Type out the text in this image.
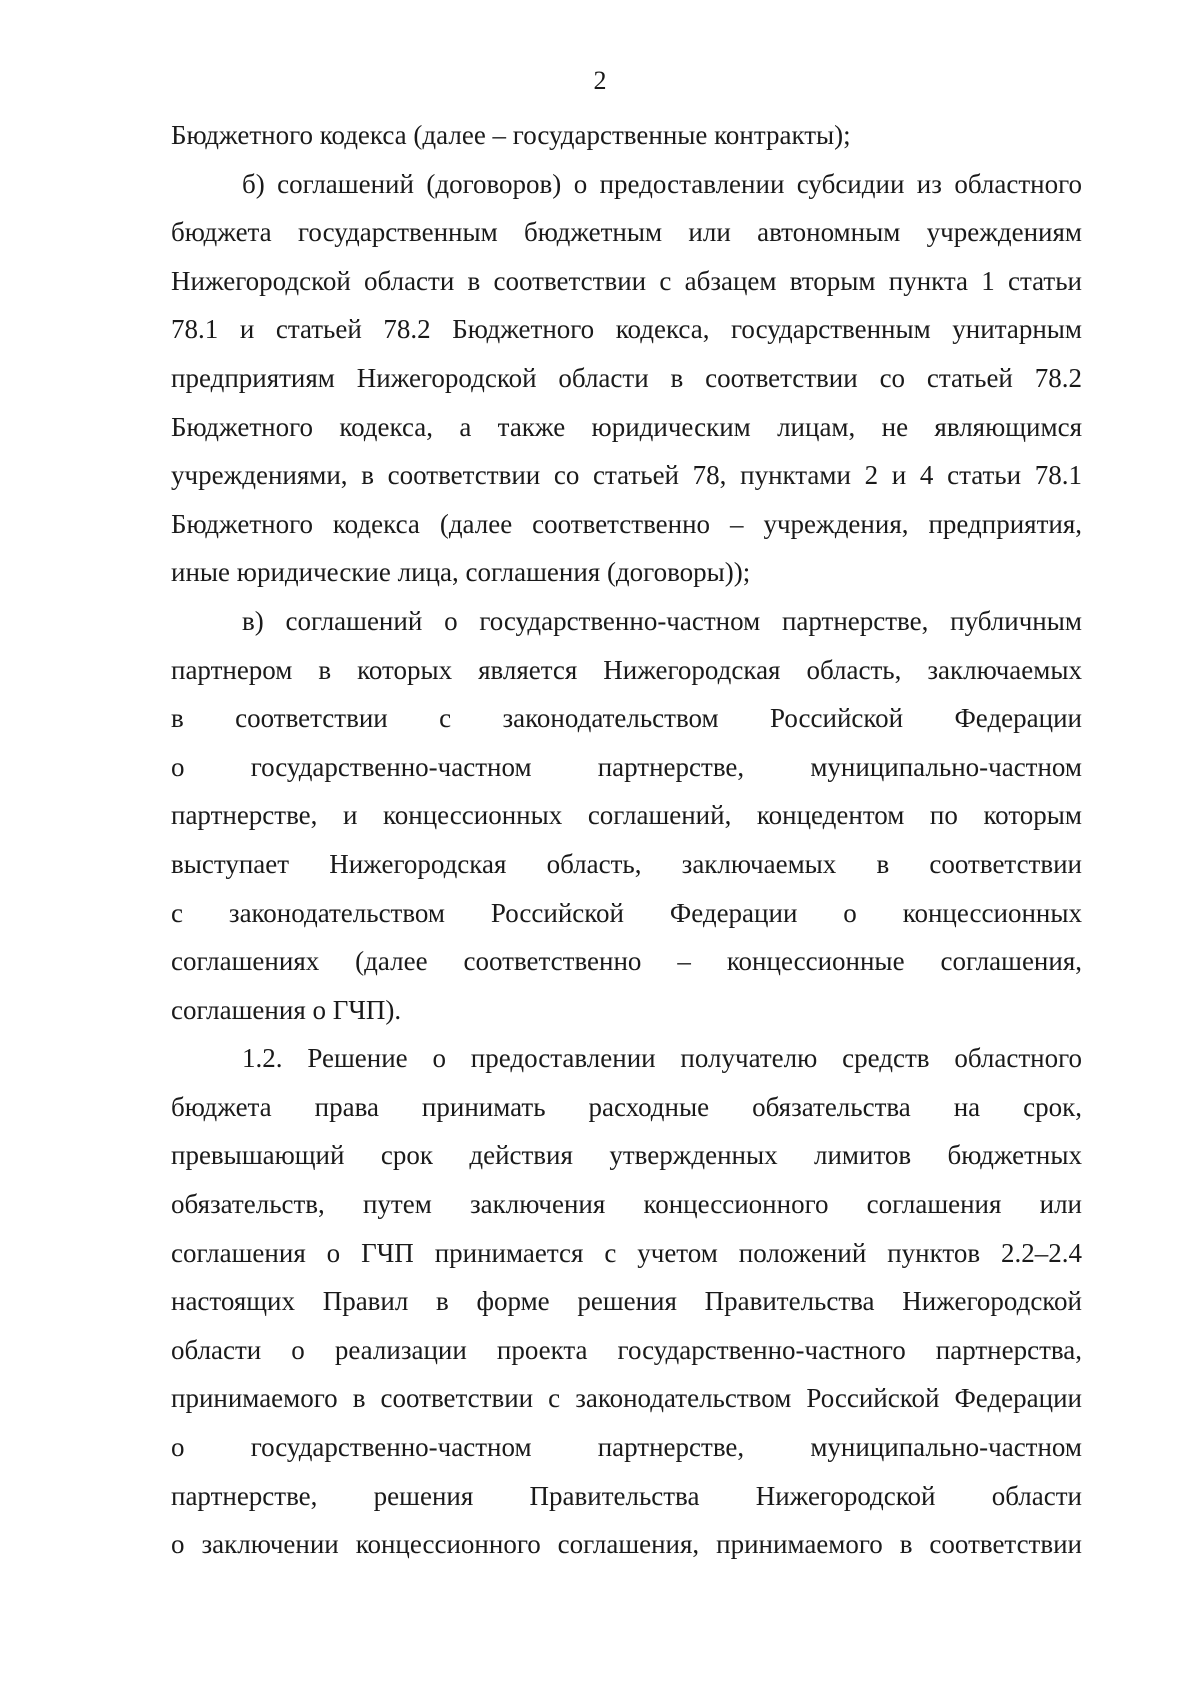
2
Бюджетного кодекса (далее – государственные контракты);
б) соглашений (договоров) о предоставлении субсидии из областного
бюджета государственным бюджетным или автономным учреждениям
Нижегородской области в соответствии с абзацем вторым пункта 1 статьи
78.1 и статьей 78.2 Бюджетного кодекса, государственным унитарным
предприятиям Нижегородской области в соответствии со статьей 78.2
Бюджетного кодекса, а также юридическим лицам, не являющимся
учреждениями, в соответствии со статьей 78, пунктами 2 и 4 статьи 78.1
Бюджетного кодекса (далее соответственно – учреждения, предприятия,
иные юридические лица, соглашения (договоры));
в) соглашений о государственно-частном партнерстве, публичным
партнером в которых является Нижегородская область, заключаемых
в соответствии с законодательством Российской Федерации
о государственно-частном партнерстве, муниципально-частном
партнерстве, и концессионных соглашений, концедентом по которым
выступает Нижегородская область, заключаемых в соответствии
с законодательством Российской Федерации о концессионных
соглашениях (далее соответственно – концессионные соглашения,
соглашения о ГЧП).
1.2. Решение о предоставлении получателю средств областного
бюджета права принимать расходные обязательства на срок,
превышающий срок действия утвержденных лимитов бюджетных
обязательств, путем заключения концессионного соглашения или
соглашения о ГЧП принимается с учетом положений пунктов 2.2–2.4
настоящих Правил в форме решения Правительства Нижегородской
области о реализации проекта государственно-частного партнерства,
принимаемого в соответствии с законодательством Российской Федерации
о государственно-частном партнерстве, муниципально-частном
партнерстве, решения Правительства Нижегородской области
о заключении концессионного соглашения, принимаемого в соответствии
